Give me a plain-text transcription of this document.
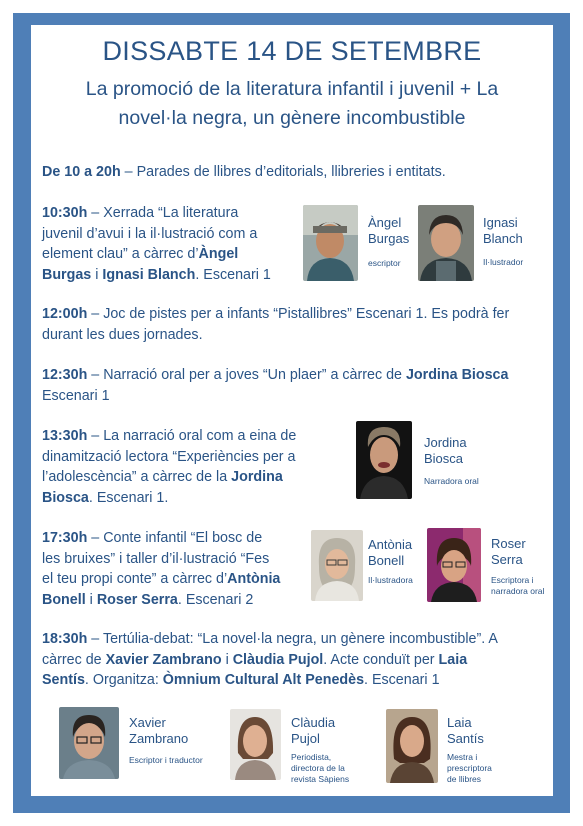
DISSABTE 14 DE SETEMBRE
La promoció de la literatura infantil i juvenil + La
novel·la negra, un gènere incombustible
De 10 a 20h – Parades de llibres d’editorials, llibreries i entitats.
10:30h – Xerrada “La literatura
juvenil d’avui i la il·lustració com a
element clau” a càrrec d’Àngel
Burgas i Ignasi Blanch. Escenari 1
Àngel
Burgas
escriptor
Ignasi
Blanch
Il·lustrador
12:00h – Joc de pistes per a infants “Pistallibres” Escenari 1. Es podrà fer
durant les dues jornades.
12:30h – Narració oral per a joves “Un plaer” a càrrec de Jordina Biosca
Escenari 1
13:30h – La narració oral com a eina de
dinamització lectora “Experiències per a
l’adolescència” a càrrec de la Jordina
Biosca. Escenari 1.
Jordina
Biosca
Narradora oral
17:30h – Conte infantil “El bosc de
les bruixes” i taller d’il·lustració “Fes
el teu propi conte” a càrrec d’Antònia
Bonell i Roser Serra. Escenari 2
Antònia
Bonell
Il·lustradora
Roser
Serra
Escriptora i
narradora oral
18:30h – Tertúlia-debat: “La novel·la negra, un gènere incombustible”. A
càrrec de Xavier Zambrano i Clàudia Pujol. Acte conduït per Laia
Sentís. Organitza: Òmnium Cultural Alt Penedès. Escenari 1
Xavier
Zambrano
Escriptor i traductor
Clàudia
Pujol
Periodista,
directora de la
revista Sàpiens
Laia
Santís
Mestra i
prescriptora
de llibres
